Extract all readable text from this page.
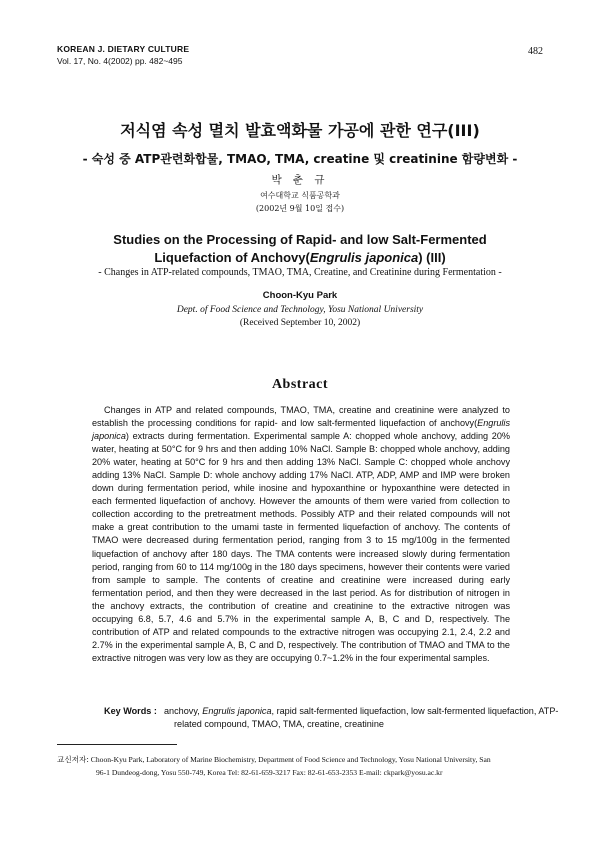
KOREAN J. DIETARY CULTURE
Vol. 17, No. 4(2002) pp. 482~495
482
저식염 속성 멸치 발효액화물 가공에 관한 연구(III)
- 숙성 중 ATP관련화합물, TMAO, TMA, creatine 및 creatinine 함량변화 -
박 춘 규
여수대학교 식품공학과
(2002년 9월 10일 접수)
Studies on the Processing of Rapid- and low Salt-Fermented
Liquefaction of Anchovy(Engrulis japonica) (III)
- Changes in ATP-related compounds, TMAO, TMA, Creatine, and Creatinine during Fermentation -
Choon-Kyu Park
Dept. of Food Science and Technology, Yosu National University
(Received September 10, 2002)
Abstract
Changes in ATP and related compounds, TMAO, TMA, creatine and creatinine were analyzed to establish the processing conditions for rapid- and low salt-fermented liquefaction of anchovy(Engrulis japonica) extracts during fermentation. Experimental sample A: chopped whole anchovy, adding 20% water, heating at 50°C for 9 hrs and then adding 10% NaCl. Sample B: chopped whole anchovy, adding 20% water, heating at 50°C for 9 hrs and then adding 13% NaCl. Sample C: chopped whole anchovy adding 13% NaCl. Sample D: whole anchovy adding 17% NaCl. ATP, ADP, AMP and IMP were broken down during fermentation period, while inosine and hypoxanthine or hypoxanthine were detected in each fermented liquefaction of anchovy. However the amounts of them were varied from collection to collection according to the pretreatment methods. Possibly ATP and their related compounds will not make a great contribution to the umami taste in fermented liquefaction of anchovy. The contents of TMAO were decreased during fermentation period, ranging from 3 to 15 mg/100g in the fermented liquefaction of anchovy after 180 days. The TMA contents were increased slowly during fermentation period, ranging from 60 to 114 mg/100g in the 180 days specimens, however their contents were varied from sample to sample. The contents of creatine and creatinine were increased during early fermentation period, and then they were decreased in the last period. As for distribution of nitrogen in the anchovy extracts, the contribution of creatine and creatinine to the extractive nitrogen was occupying 6.8, 5.7, 4.6 and 5.7% in the experimental sample A, B, C and D, respectively. The contribution of ATP and related compounds to the extractive nitrogen was occupying 2.1, 2.4, 2.2 and 2.7% in the experimental sample A, B, C and D, respectively. The contribution of TMAO and TMA to the extractive nitrogen was very low as they are occupying 0.7~1.2% in the four experimental samples.
Key Words : anchovy, Engrulis japonica, rapid salt-fermented liquefaction, low salt-fermented liquefaction, ATP-related compound, TMAO, TMA, creatine, creatinine
교신저자: Choon-Kyu Park, Laboratory of Marine Biochemistry, Department of Food Science and Technology, Yosu National University, San
96-1 Dundeog-dong, Yosu 550-749, Korea Tel: 82-61-659-3217 Fax: 82-61-653-2353 E-mail: ckpark@yosu.ac.kr
